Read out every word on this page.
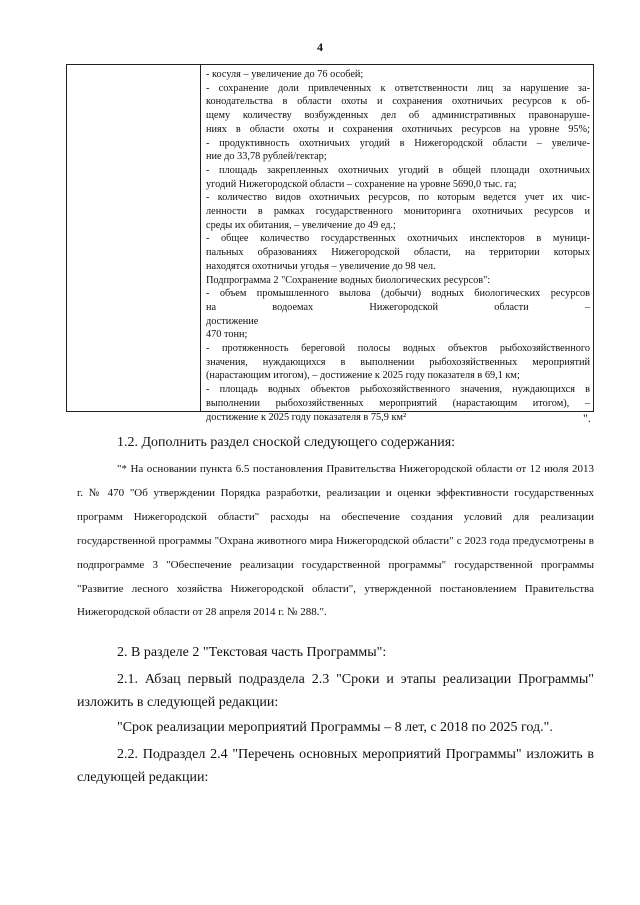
4
- косуля – увеличение до 76 особей;
- сохранение доли привлеченных к ответственности лиц за нарушение за-
конодательства в области охоты и сохранения охотничьих ресурсов к об-
щему количеству возбужденных дел об административных правонаруше-
ниях в области охоты и сохранения охотничьих ресурсов на уровне 95%;
- продуктивность охотничьих угодий в Нижегородской области – увеличе-
ние до 33,78 рублей/гектар;
- площадь закрепленных охотничьих угодий в общей площади охотничьих
угодий Нижегородской области – сохранение на уровне 5690,0 тыс. га;
- количество видов охотничьих ресурсов, по которым ведется учет их чис-
ленности в рамках государственного мониторинга охотничьих ресурсов и
среды их обитания, – увеличение до 49 ед.;
- общее количество государственных охотничьих инспекторов в муници-
пальных образованиях Нижегородской области, на территории которых
находятся охотничьи угодья – увеличение до 98 чел.
Подпрограмма 2 "Сохранение водных биологических ресурсов":
- объем промышленного вылова (добычи) водных биологических ресурсов
на водоемах Нижегородской области – достижение
470 тонн;
- протяженность береговой полосы водных объектов рыбохозяйственного
значения, нуждающихся в выполнении рыбохозяйственных мероприятий
(нарастающим итогом), – достижение к 2025 году показателя в 69,1 км;
- площадь водных объектов рыбохозяйственного значения, нуждающихся в
выполнении рыбохозяйственных мероприятий (нарастающим итогом), –
достижение к 2025 году показателя в 75,9 км²	".
1.2. Дополнить раздел сноской следующего содержания:
"* На основании пункта 6.5 постановления Правительства Нижегородской области от 12 июля 2013 г. № 470 "Об утверждении Порядка разработки, реализации и оценки эффективности государственных программ Нижегородской области" расходы на обеспечение создания условий для реализации государственной программы "Охрана животного мира Нижегородской области" с 2023 года предусмотрены в подпрограмме 3 "Обеспечение реализации государственной программы" государственной программы "Развитие лесного хозяйства Нижегородской области", утвержденной постановлением Правительства Нижегородской области от 28 апреля 2014 г. № 288.".
2. В разделе 2 "Текстовая часть Программы":
2.1. Абзац первый подраздела 2.3 "Сроки и этапы реализации Программы" изложить в следующей редакции:
"Срок реализации мероприятий Программы – 8 лет, с 2018 по 2025 год.".
2.2. Подраздел 2.4 "Перечень основных мероприятий Программы" изложить в следующей редакции:
